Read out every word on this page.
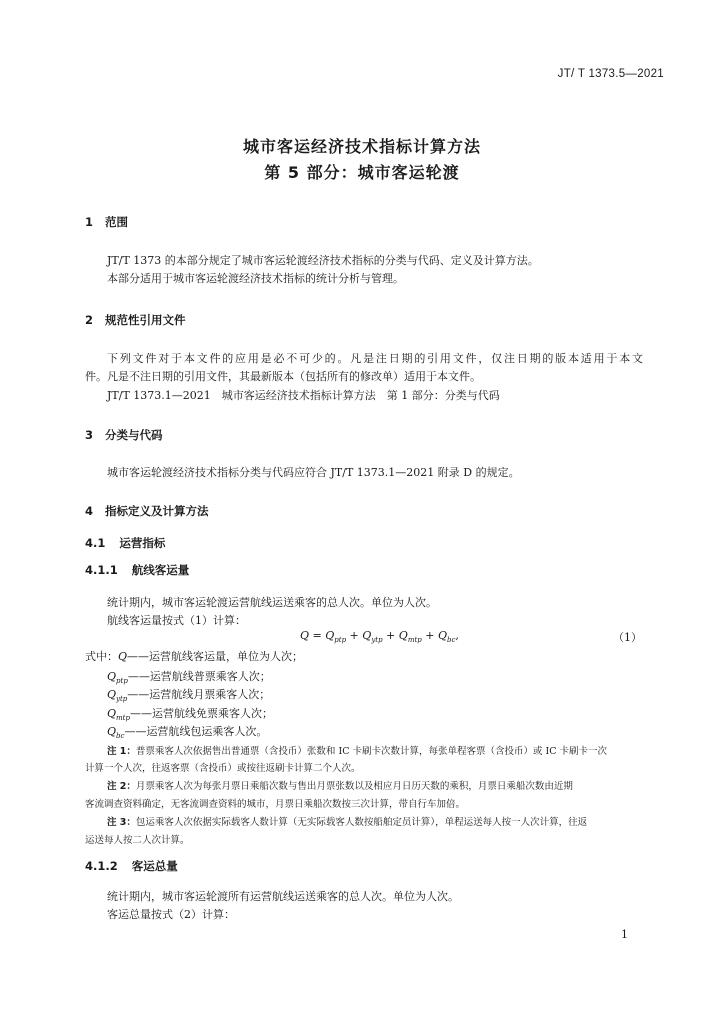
JT/ T 1373.5—2021
城市客运经济技术指标计算方法
第 5 部分：城市客运轮渡
1 范围
JT/T 1373 的本部分规定了城市客运轮渡经济技术指标的分类与代码、定义及计算方法。
本部分适用于城市客运轮渡经济技术指标的统计分析与管理。
2 规范性引用文件
下列文件对于本文件的应用是必不可少的。凡是注日期的引用文件，仅注日期的版本适用于本文
件。凡是不注日期的引用文件，其最新版本（包括所有的修改单）适用于本文件。
JT/T 1373.1—2021　城市客运经济技术指标计算方法　第 1 部分：分类与代码
3 分类与代码
城市客运轮渡经济技术指标分类与代码应符合 JT/T 1373.1—2021 附录 D 的规定。
4 指标定义及计算方法
4.1 运营指标
4.1.1 航线客运量
统计期内，城市客运轮渡运营航线运送乘客的总人次。单位为人次。
航线客运量按式（1）计算：
$Q = Q_{ptp} + Q_{ytp} + Q_{mtp} + Q_{bc}$,	（1）
式中：Q——运营航线客运量，单位为人次；
$Q_{ptp}——$运营航线普票乘客人次；
$Q_{ytp}——$运营航线月票乘客人次；
$Q_{mtp}——$运营航线免票乘客人次；
$Q_{bc}——$运营航线包运乘客人次。
注 1：普票乘客人次依据售出普通票（含投币）张数和 IC 卡刷卡次数计算，每张单程客票（含投币）或 IC 卡刷卡一次
计算一个人次，往返客票（含投币）或按往返刷卡计算二个人次。
注 2：月票乘客人次为每张月票日乘船次数与售出月票张数以及相应月日历天数的乘积，月票日乘船次数由近期
客流调查资料确定，无客流调查资料的城市，月票日乘船次数按三次计算，带自行车加倍。
注 3：包运乘客人次依据实际载客人数计算（无实际载客人数按船舶定员计算），单程运送每人按一人次计算，往返
运送每人按二人次计算。
4.1.2 客运总量
统计期内，城市客运轮渡所有运营航线运送乘客的总人次。单位为人次。
客运总量按式（2）计算：
1
